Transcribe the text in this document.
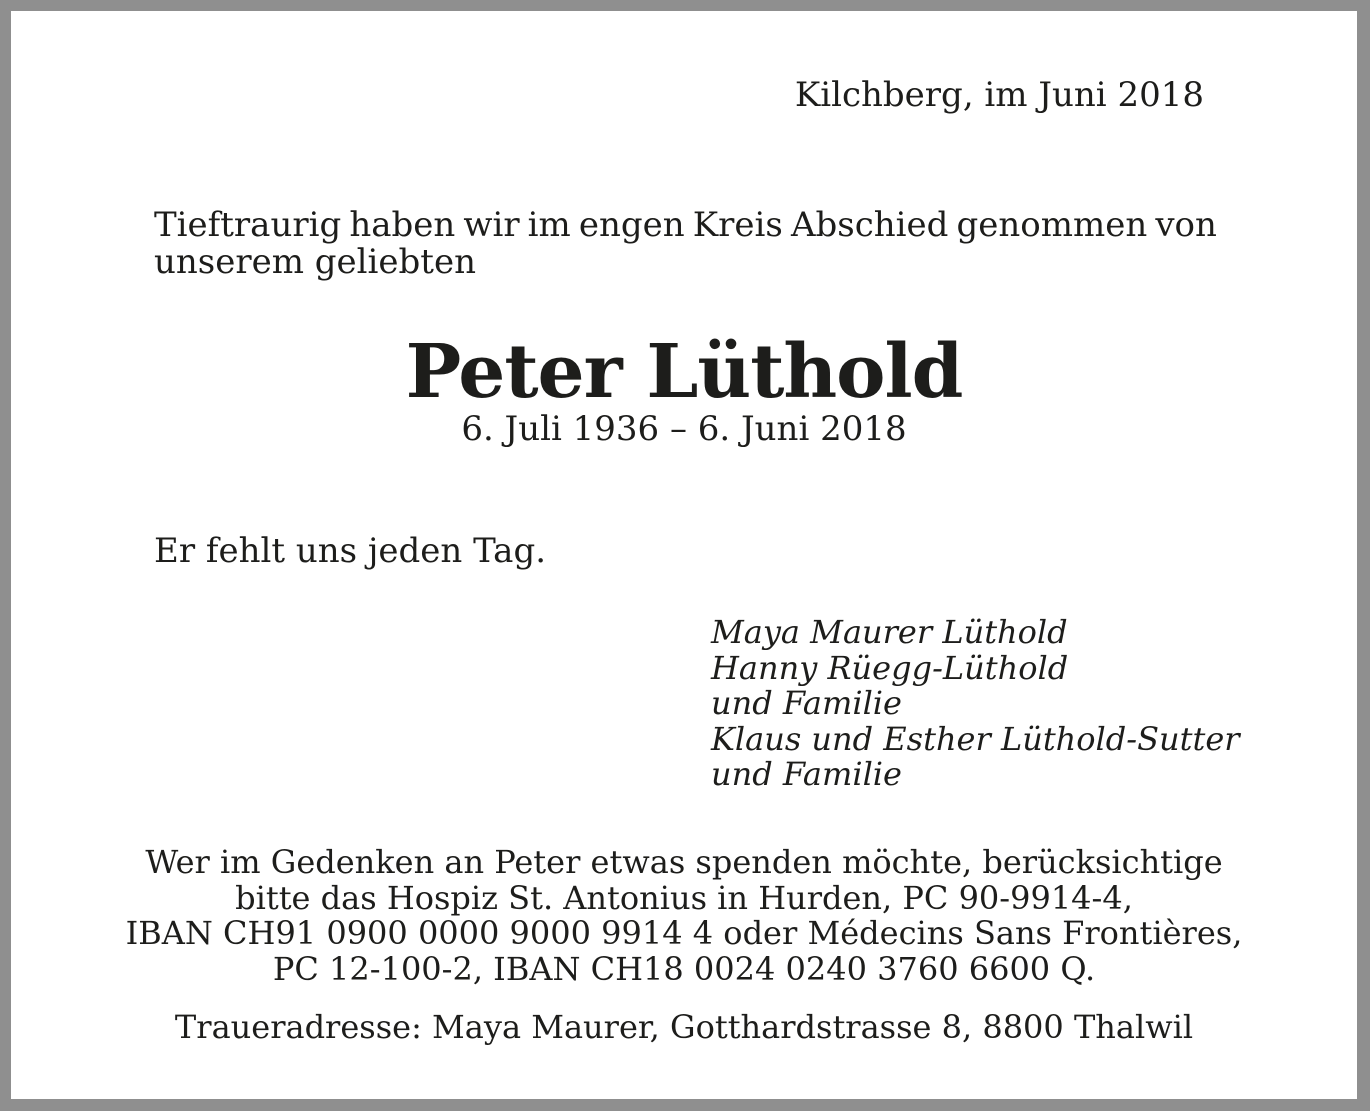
Kilchberg, im Juni 2018
Tieftraurig haben wir im engen Kreis Abschied genommen von
unserem geliebten
Peter Lüthold
6. Juli 1936 – 6. Juni 2018
Er fehlt uns jeden Tag.
Maya Maurer Lüthold
Hanny Rüegg-Lüthold
und Familie
Klaus und Esther Lüthold-Sutter
und Familie
Wer im Gedenken an Peter etwas spenden möchte, berücksichtige
bitte das Hospiz St. Antonius in Hurden, PC 90-9914-4,
IBAN CH91 0900 0000 9000 9914 4 oder Médecins Sans Frontières,
PC 12-100-2, IBAN CH18 0024 0240 3760 6600 Q.
Traueradresse: Maya Maurer, Gotthardstrasse 8, 8800 Thalwil
